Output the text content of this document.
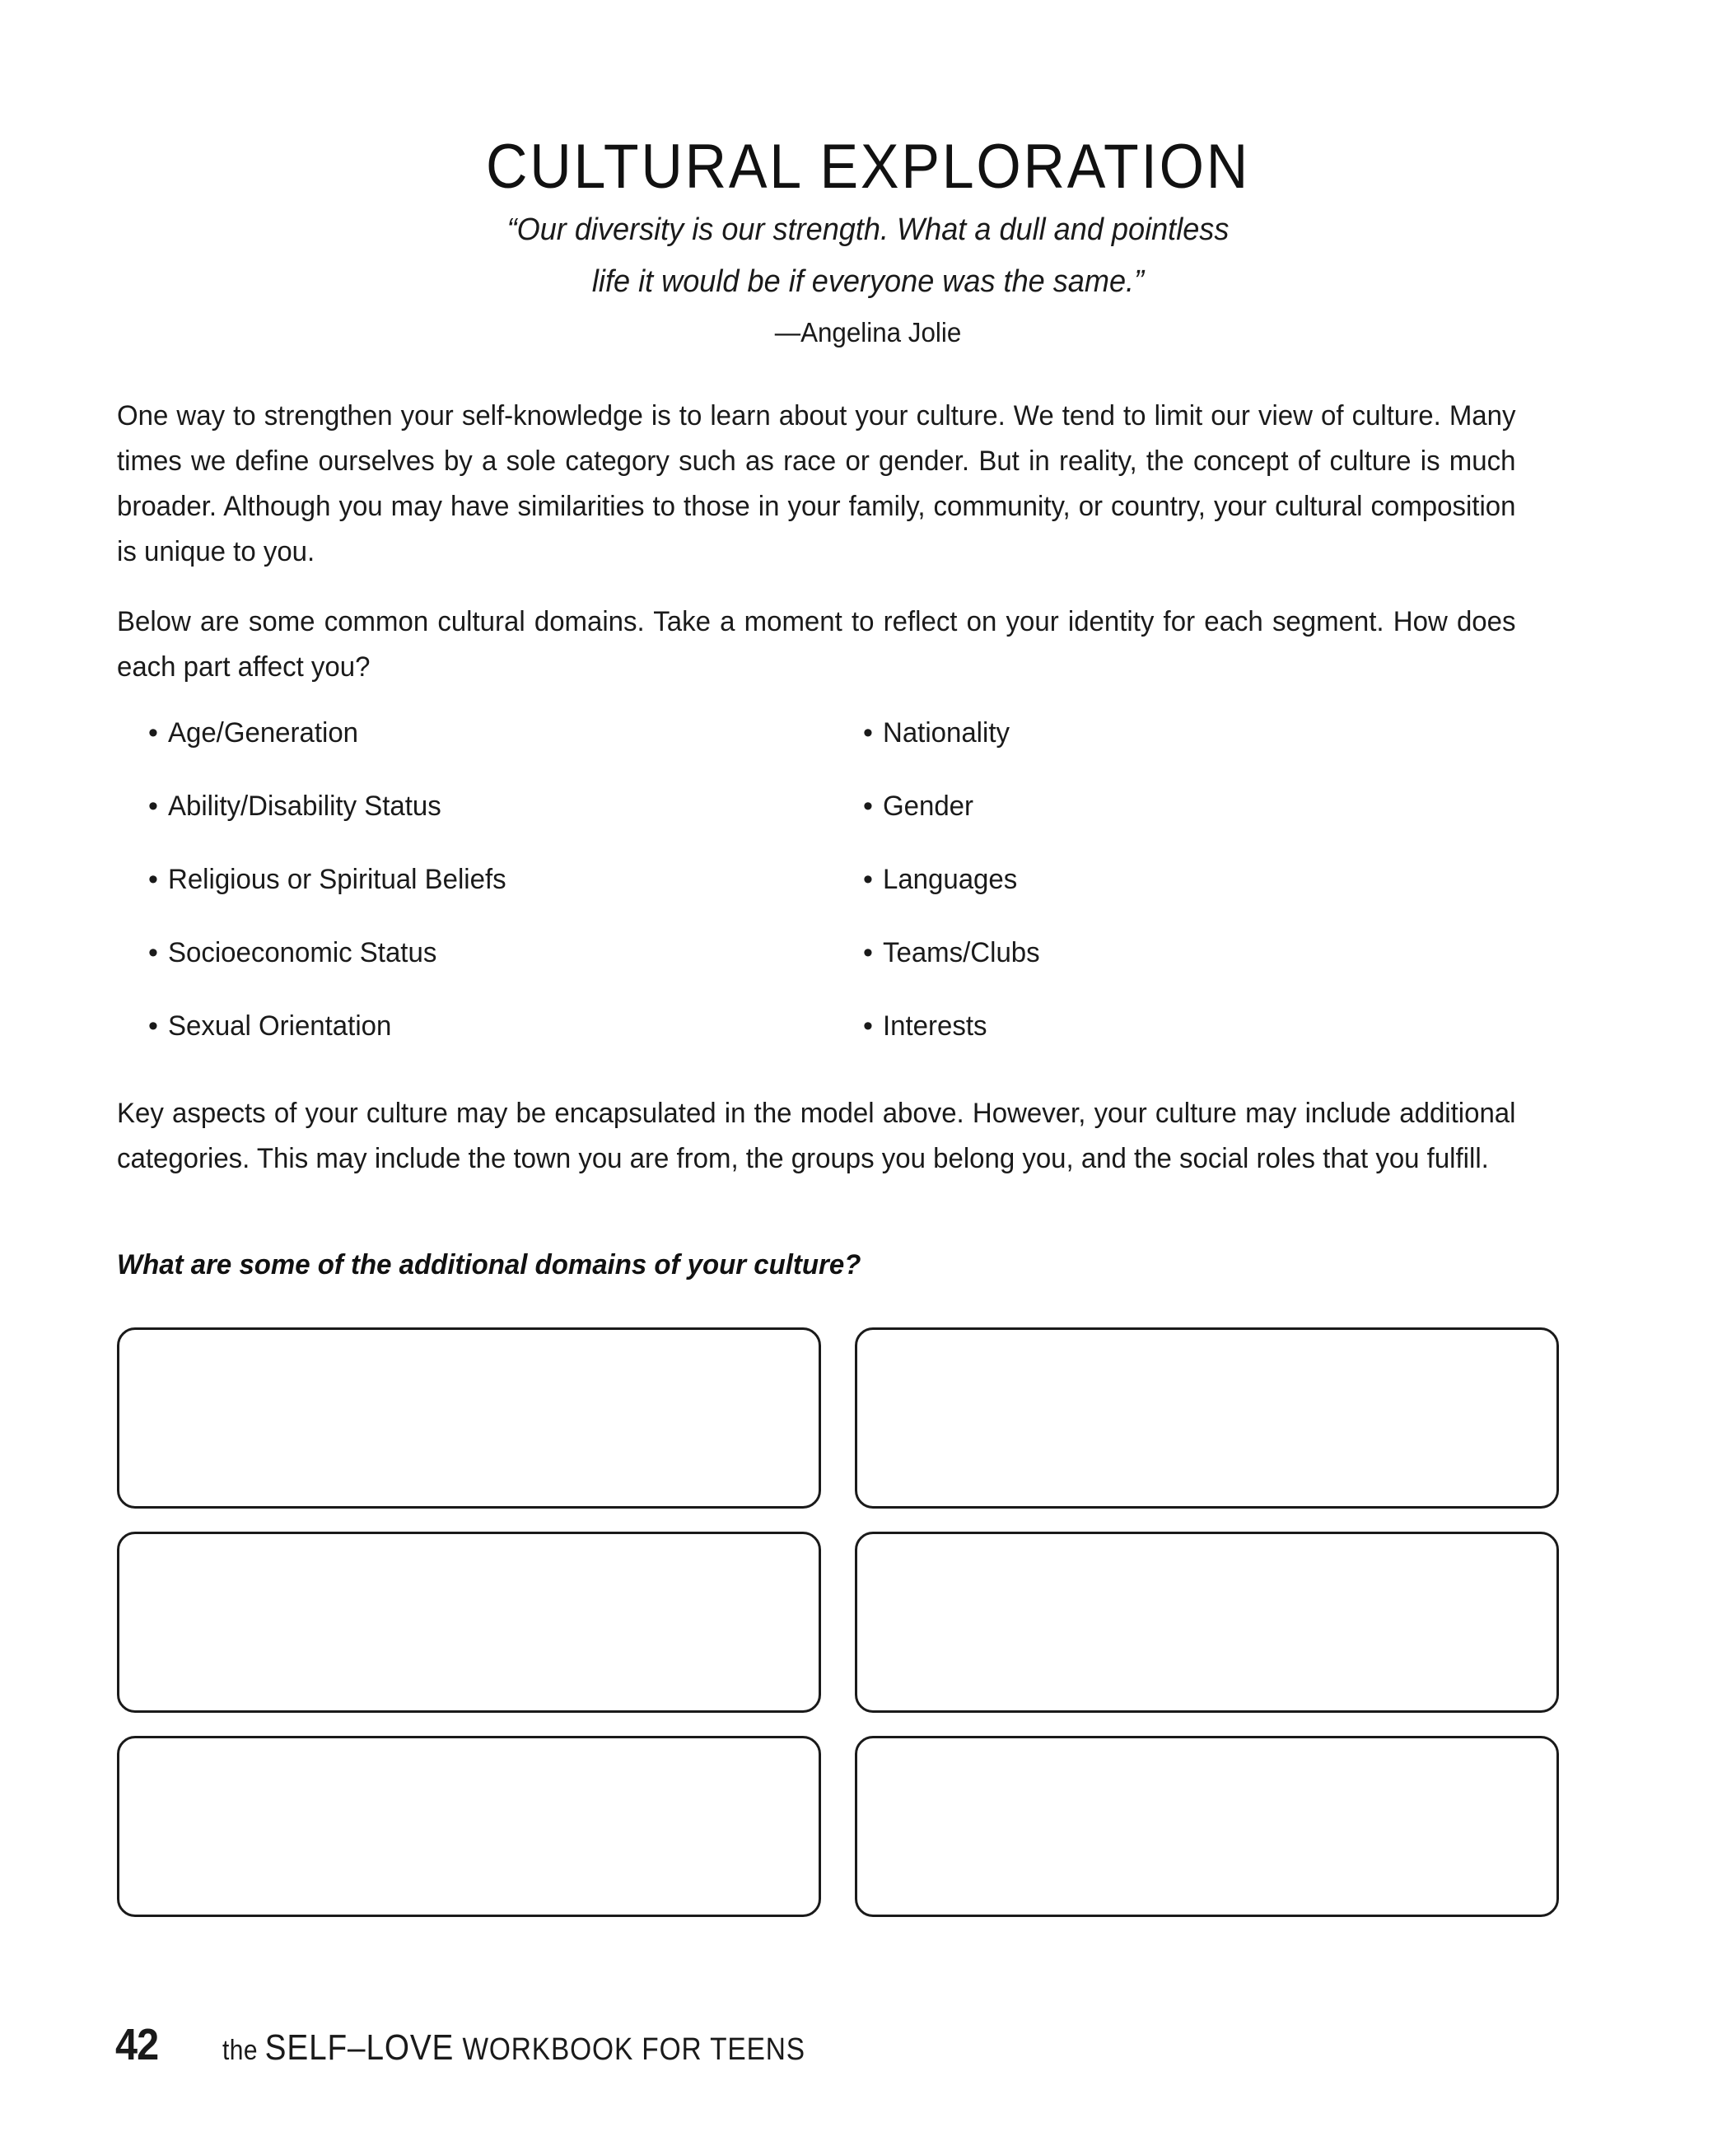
CULTURAL EXPLORATION
“Our diversity is our strength. What a dull and pointless
life it would be if everyone was the same.”
—Angelina Jolie
One way to strengthen your self-knowledge is to learn about your culture. We tend to limit our view of culture. Many times we define ourselves by a sole category such as race or gender. But in reality, the concept of culture is much broader. Although you may have similarities to those in your family, community, or country, your cultural composition is unique to you.
Below are some common cultural domains. Take a moment to reflect on your identity for each segment. How does each part affect you?
• Age/Generation
• Ability/Disability Status
• Religious or Spiritual Beliefs
• Socioeconomic Status
• Sexual Orientation
• Nationality
• Gender
• Languages
• Teams/Clubs
• Interests
Key aspects of your culture may be encapsulated in the model above. However, your culture may include additional categories. This may include the town you are from, the groups you belong you, and the social roles that you fulfill.
What are some of the additional domains of your culture?
42 the SELF–LOVE WORKBOOK FOR TEENS
